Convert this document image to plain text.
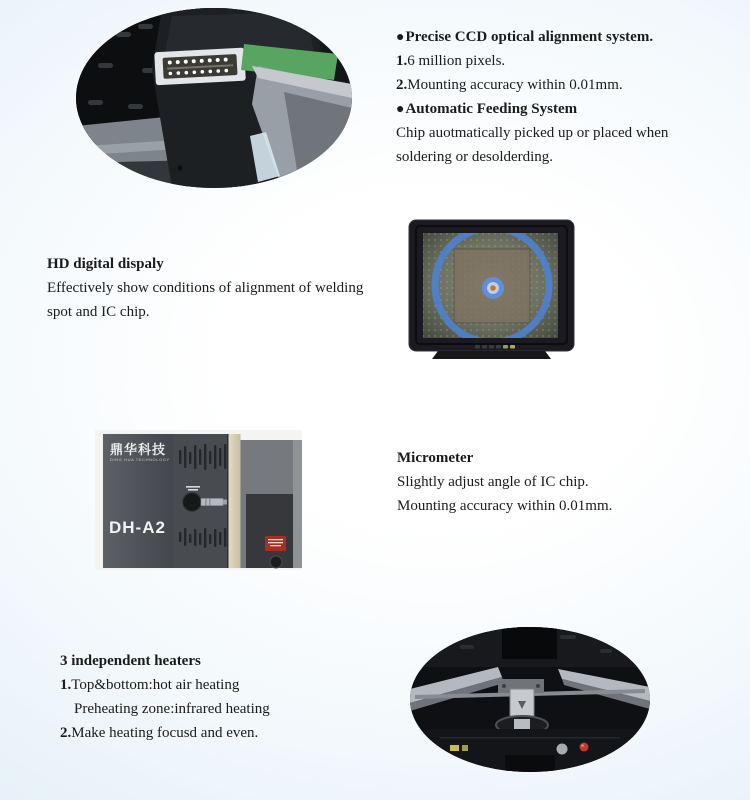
●Precise CCD optical alignment system.
1.6 million pixels.
2.Mounting accuracy within 0.01mm.
●Automatic Feeding System
Chip auotmatically picked up or placed when
soldering or desolderding.
HD digital dispaly
Effectively show conditions of alignment of welding
spot and IC chip.
鼎华科技
DING HUA TECHNOLOGY
DH-A2
Micrometer
Slightly adjust angle of IC chip.
Mounting accuracy within 0.01mm.
3 independent heaters
1.Top&bottom:hot air heating
Preheating zone:infrared heating
2.Make heating focusd and even.
